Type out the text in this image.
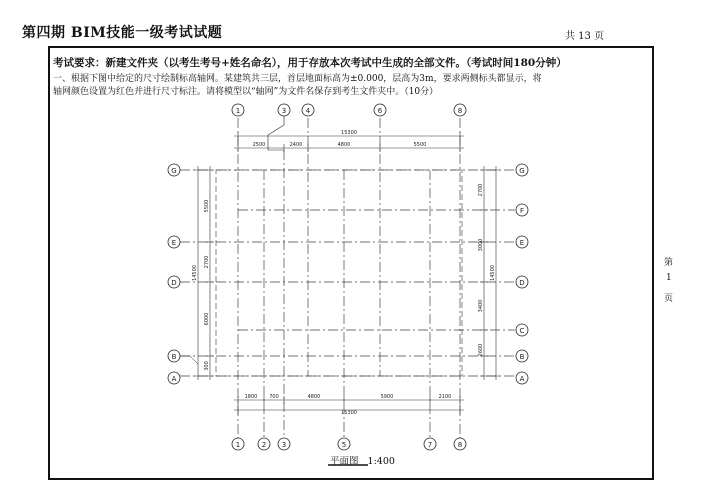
第四期 BIM技能一级考试试题	共 13 页
考试要求：新建文件夹（以考生考号+姓名命名），用于存放本次考试中生成的全部文件。（考试时间180分钟）
一、根据下图中给定的尺寸绘制标高轴网。某建筑共三层，首层地面标高为±0.000，层高为3m，要求两侧标头都显示，将
轴网颜色设置为红色并进行尺寸标注。请将模型以“轴网”为文件名保存到考生文件夹中。（10分）
第
1
页
1	3	4	6	8
15300
2500	2400	4800	5500
1	2 3	5	7	8
1800 700	4800	5900	2100
15300
G
E
D
B
A
14500
5500
2700
6000
300
G
F
E
D
C
B
A
2700
3000
3400
2600
14500
平面图   1:400
